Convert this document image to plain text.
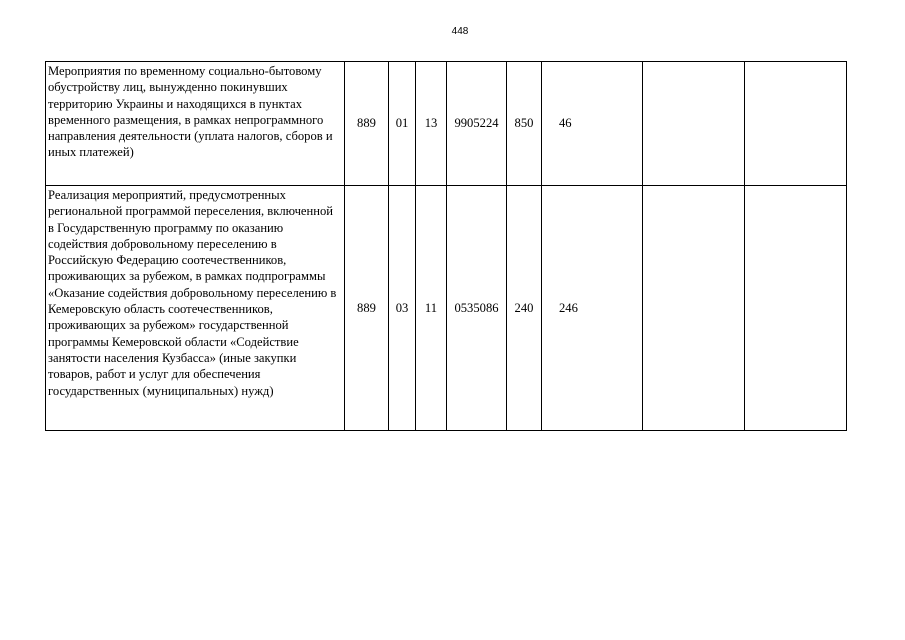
448
Мероприятия по временному социально-бытовому обустройству лиц, вынужденно покинувших территорию Украины и находящихся в пунктах временного размещения, в рамках непрограммного направления деятельности (уплата налогов, сборов и иных платежей)	889	01	13	9905224	850	46		
Реализация мероприятий, предусмотренных региональной программой переселения, включенной в Государственную программу по оказанию содействия добровольному переселению в Российскую Федерацию соотечественников, проживающих за рубежом, в рамках подпрограммы «Оказание содействия добровольному переселению в Кемеровскую область соотечественников, проживающих за рубежом» государственной программы Кемеровской области «Содействие занятости населения Кузбасса» (иные закупки товаров, работ и услуг для обеспечения государственных (муниципальных) нужд)	889	03	11	0535086	240	246		
